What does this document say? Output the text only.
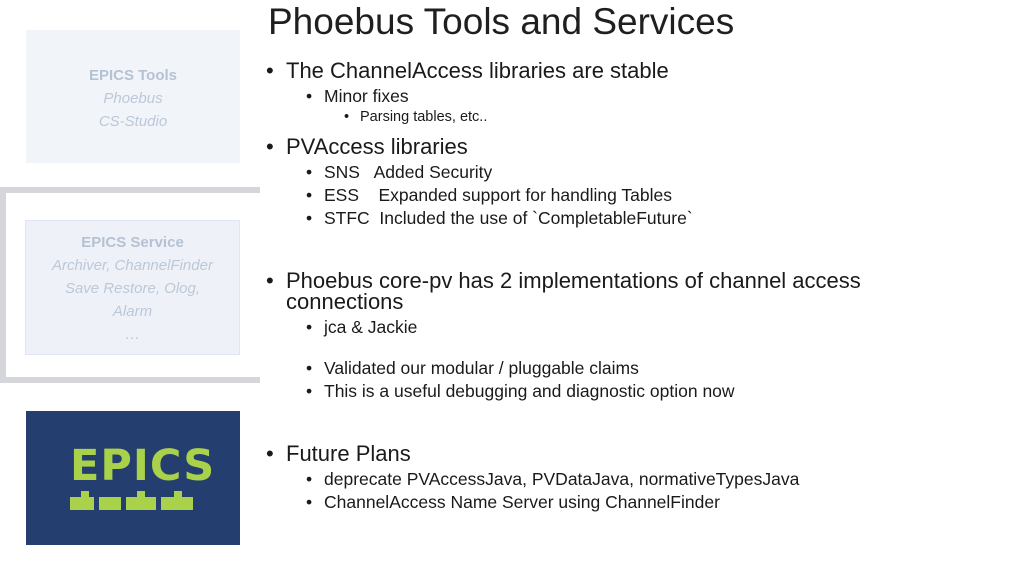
Phoebus Tools and Services
EPICS Tools
Phoebus
CS-Studio
EPICS Service
Archiver, ChannelFinder
Save Restore, Olog,
Alarm
…
EPICS
• The ChannelAccess libraries are stable
• Minor fixes
• Parsing tables, etc..
• PVAccess libraries
• SNS   Added Security
• ESS    Expanded support for handling Tables
• STFC  Included the use of `CompletableFuture`
• Phoebus core-pv has 2 implementations of channel access
connections
• jca & Jackie
• Validated our modular / pluggable claims
• This is a useful debugging and diagnostic option now
• Future Plans
• deprecate PVAccessJava, PVDataJava, normativeTypesJava
• ChannelAccess Name Server using ChannelFinder
